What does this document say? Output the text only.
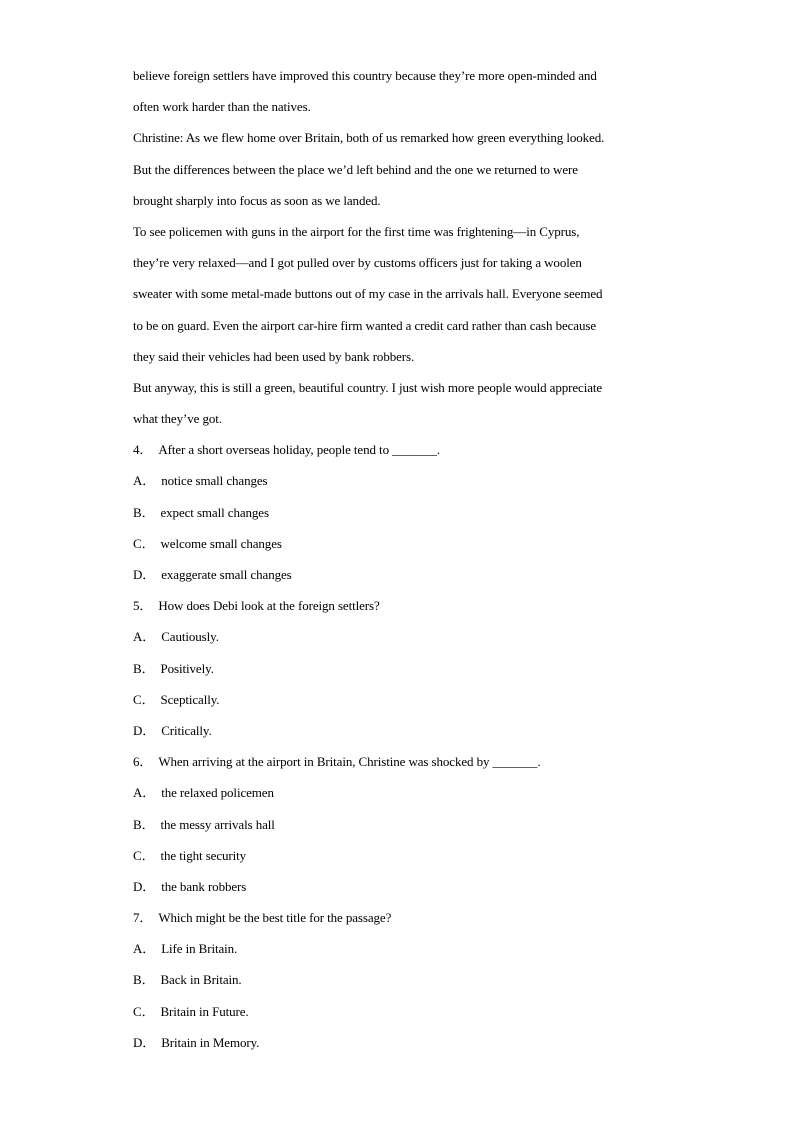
believe foreign settlers have improved this country because they’re more open-minded and
often work harder than the natives.
Christine: As we flew home over Britain, both of us remarked how green everything looked.
But the differences between the place we’d left behind and the one we returned to were
brought sharply into focus as soon as we landed.
To see policemen with guns in the airport for the first time was frightening—in Cyprus,
they’re very relaxed—and I got pulled over by customs officers just for taking a woolen
sweater with some metal-made buttons out of my case in the arrivals hall. Everyone seemed
to be on guard. Even the airport car-hire firm wanted a credit card rather than cash because
they said their vehicles had been used by bank robbers.
But anyway, this is still a green, beautiful country. I just wish more people would appreciate
what they’ve got.
4． After a short overseas holiday, people tend to _______.
A． notice small changes
B． expect small changes
C． welcome small changes
D． exaggerate small changes
5． How does Debi look at the foreign settlers?
A． Cautiously.
B． Positively.
C． Sceptically.
D． Critically.
6． When arriving at the airport in Britain, Christine was shocked by _______.
A． the relaxed policemen
B． the messy arrivals hall
C． the tight security
D． the bank robbers
7． Which might be the best title for the passage?
A． Life in Britain.
B． Back in Britain.
C． Britain in Future.
D． Britain in Memory.
